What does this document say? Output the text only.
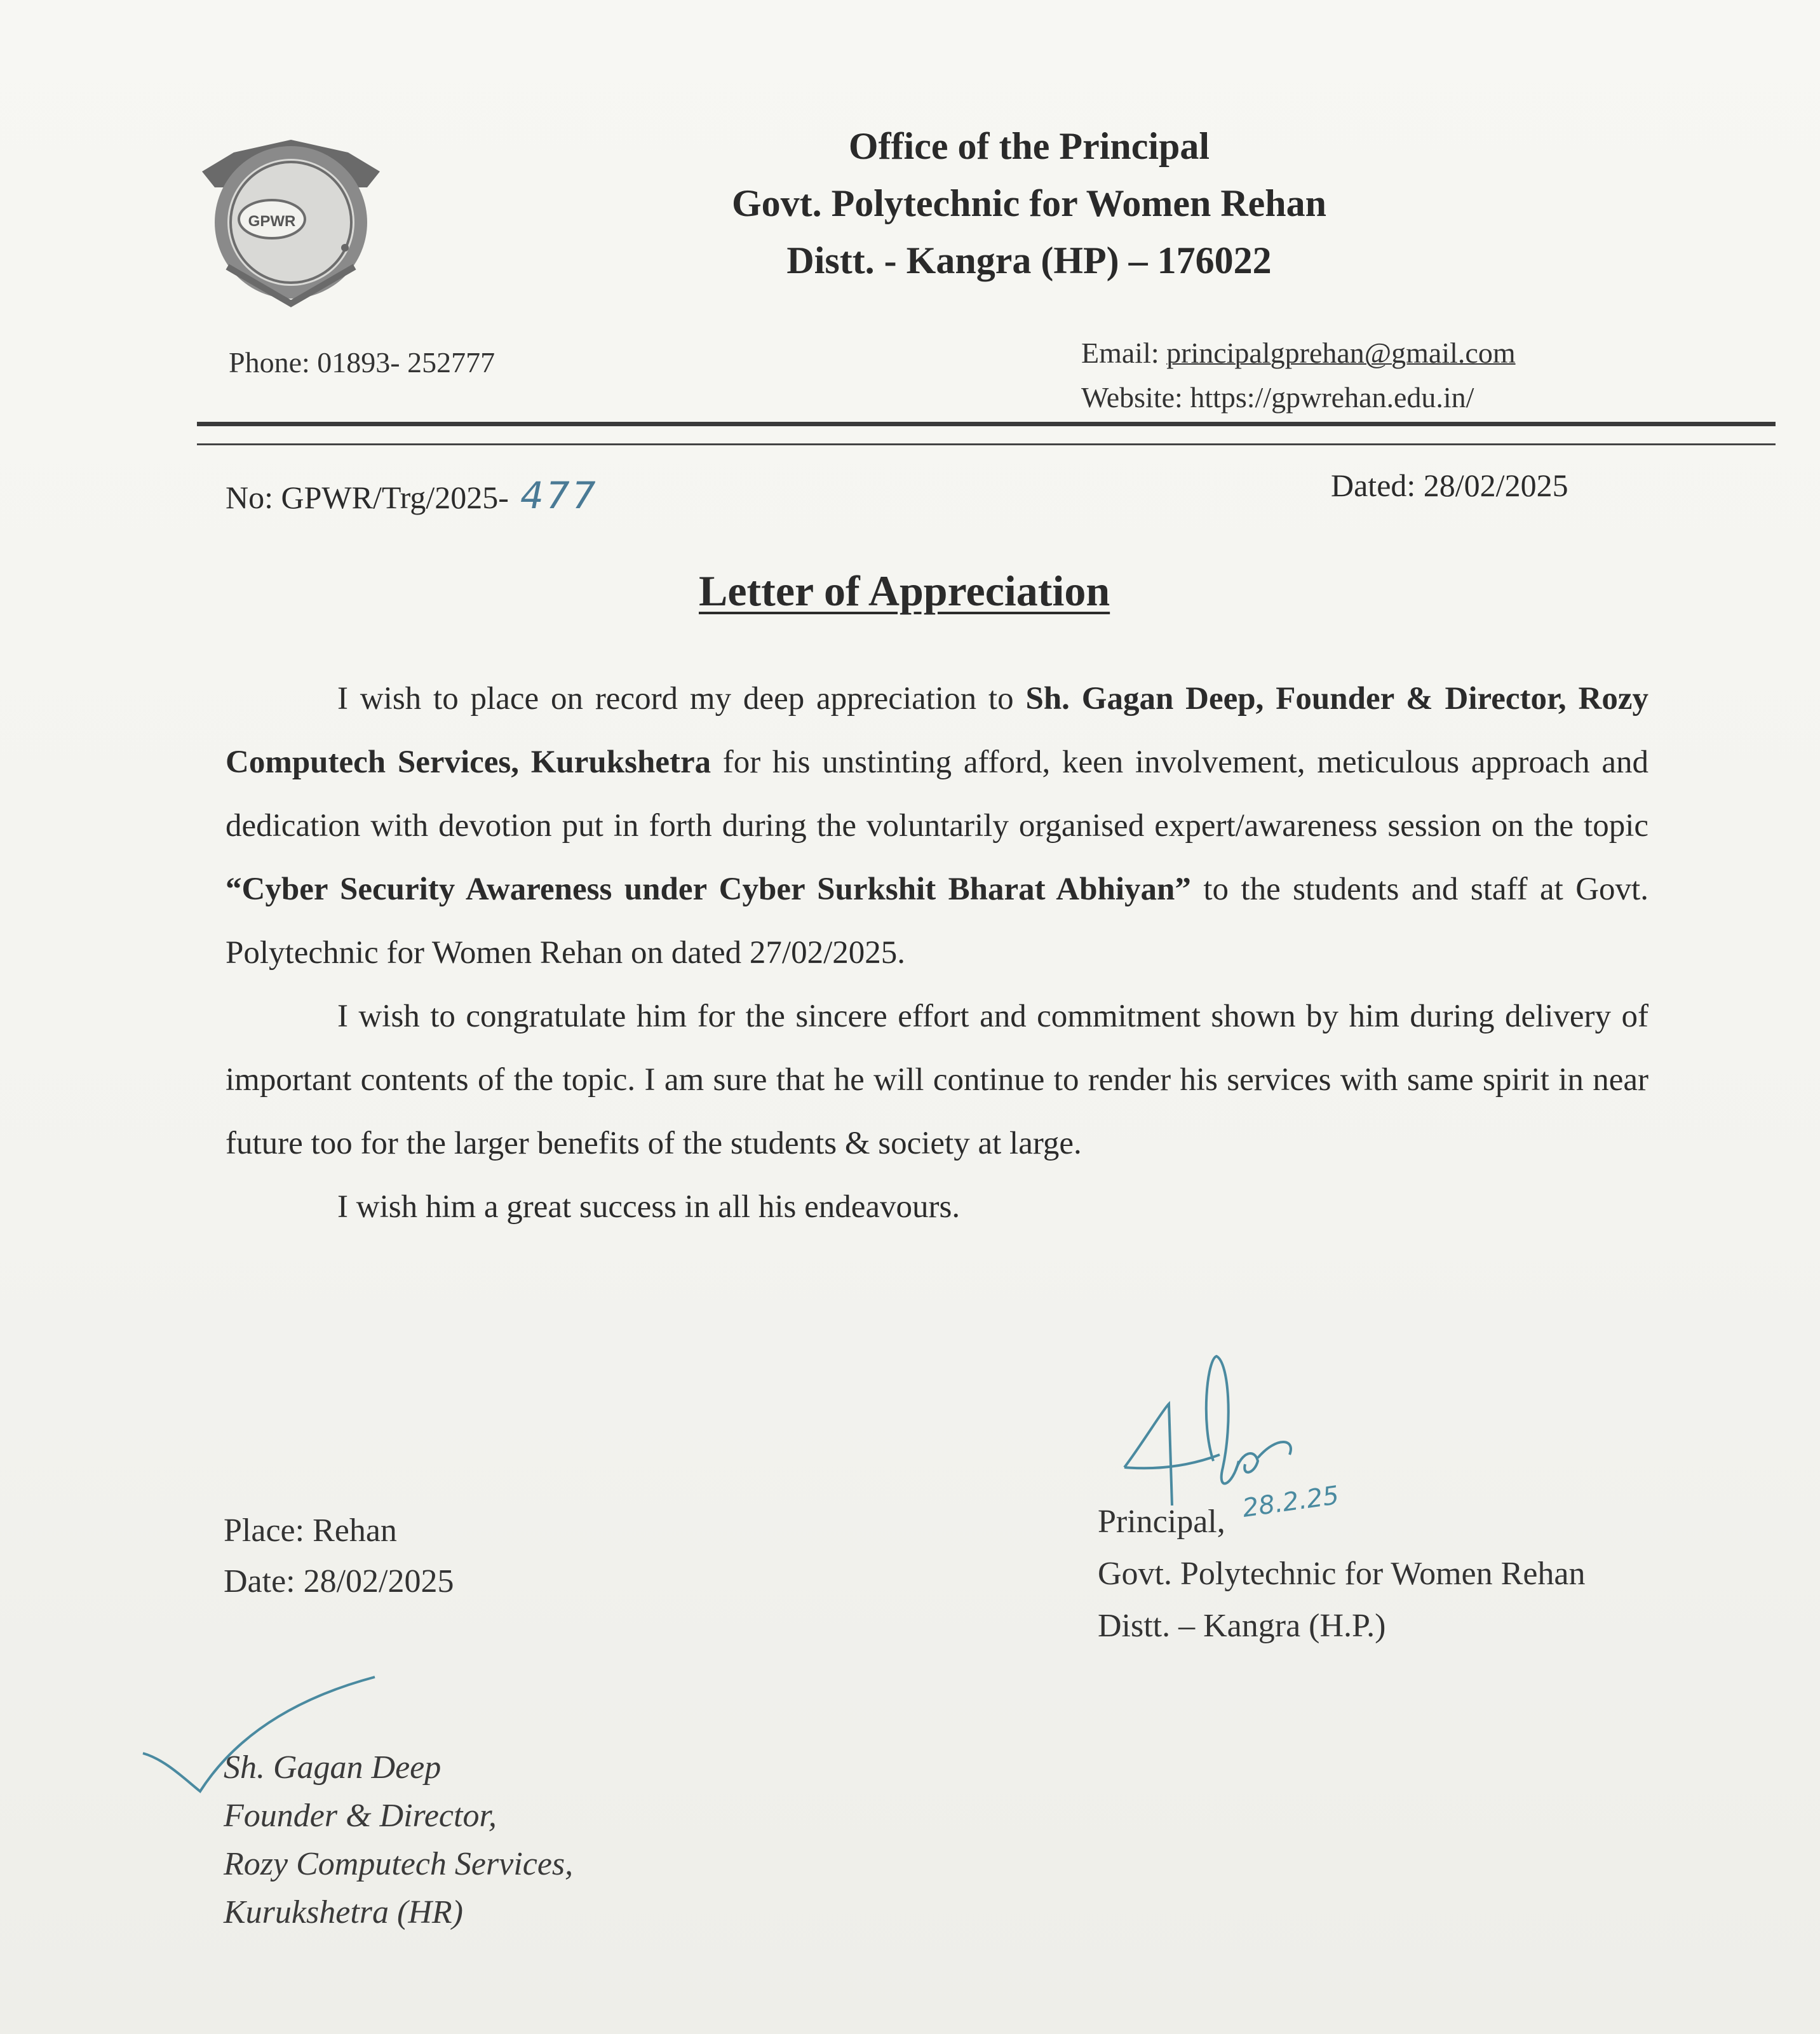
GPWR
Office of the Principal
Govt. Polytechnic for Women Rehan
Distt. - Kangra (HP) – 176022
Phone: 01893- 252777	Email: principalgprehan@gmail.com
Website: https://gpwrehan.edu.in/
No: GPWR/Trg/2025- 477	Dated: 28/02/2025
Letter of Appreciation

I wish to place on record my deep appreciation to Sh. Gagan Deep, Founder & Director, Rozy Computech Services, Kurukshetra for his unstinting afford, keen involvement, meticulous approach and dedication with devotion put in forth during the voluntarily organised expert/awareness session on the topic “Cyber Security Awareness under Cyber Surkshit Bharat Abhiyan” to the students and staff at Govt. Polytechnic for Women Rehan on dated 27/02/2025.

I wish to congratulate him for the sincere effort and commitment shown by him during delivery of important contents of the topic. I am sure that he will continue to render his services with same spirit in near future too for the larger benefits of the students & society at large.

I wish him a great success in all his endeavours.

28.2.25
Place: Rehan
Date: 28/02/2025
Principal,
Govt. Polytechnic for Women Rehan
Distt. – Kangra (H.P.)
Sh. Gagan Deep
Founder & Director,
Rozy Computech Services,
Kurukshetra (HR)
